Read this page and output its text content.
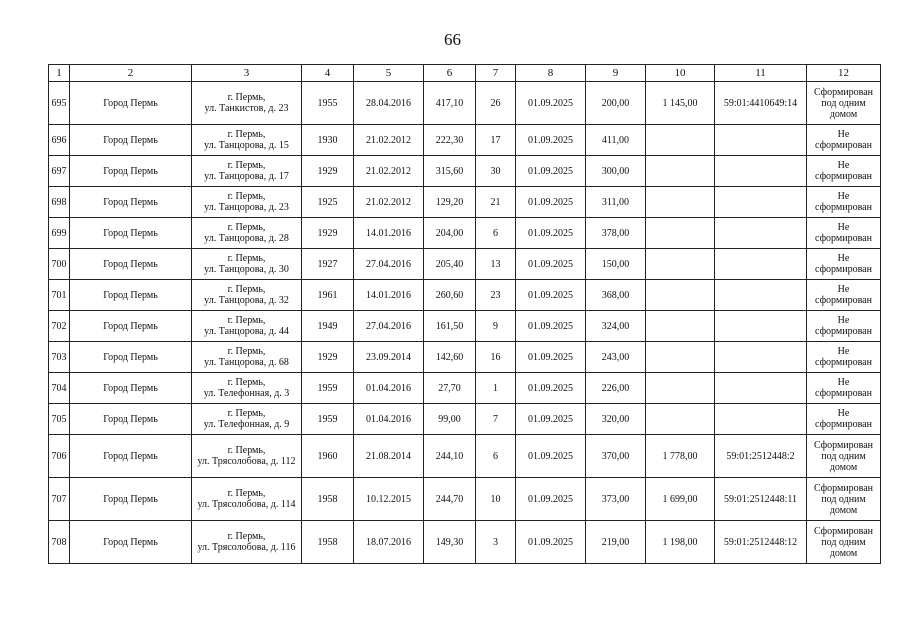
66
1	2	3	4	5	6	7	8	9	10	11	12
695	Город Пермь	г. Пермь,
ул. Танкистов, д. 23	1955	28.04.2016	417,10	26	01.09.2025	200,00	1 145,00	59:01:4410649:14	Сформирован
под одним
домом

696	Город Пермь	г. Пермь,
ул. Танцорова, д. 15	1930	21.02.2012	222,30	17	01.09.2025	411,00			Не
сформирован

697	Город Пермь	г. Пермь,
ул. Танцорова, д. 17	1929	21.02.2012	315,60	30	01.09.2025	300,00			Не
сформирован

698	Город Пермь	г. Пермь,
ул. Танцорова, д. 23	1925	21.02.2012	129,20	21	01.09.2025	311,00			Не
сформирован

699	Город Пермь	г. Пермь,
ул. Танцорова, д. 28	1929	14.01.2016	204,00	6	01.09.2025	378,00			Не
сформирован

700	Город Пермь	г. Пермь,
ул. Танцорова, д. 30	1927	27.04.2016	205,40	13	01.09.2025	150,00			Не
сформирован

701	Город Пермь	г. Пермь,
ул. Танцорова, д. 32	1961	14.01.2016	260,60	23	01.09.2025	368,00			Не
сформирован

702	Город Пермь	г. Пермь,
ул. Танцорова, д. 44	1949	27.04.2016	161,50	9	01.09.2025	324,00			Не
сформирован

703	Город Пермь	г. Пермь,
ул. Танцорова, д. 68	1929	23.09.2014	142,60	16	01.09.2025	243,00			Не
сформирован

704	Город Пермь	г. Пермь,
ул. Телефонная, д. 3	1959	01.04.2016	27,70	1	01.09.2025	226,00			Не
сформирован

705	Город Пермь	г. Пермь,
ул. Телефонная, д. 9	1959	01.04.2016	99,00	7	01.09.2025	320,00			Не
сформирован

706	Город Пермь	г. Пермь,
ул. Трясолобова, д. 112	1960	21.08.2014	244,10	6	01.09.2025	370,00	1 778,00	59:01:2512448:2	Сформирован
под одним
домом

707	Город Пермь	г. Пермь,
ул. Трясолобова, д. 114	1958	10.12.2015	244,70	10	01.09.2025	373,00	1 699,00	59:01:2512448:11	Сформирован
под одним
домом

708	Город Пермь	г. Пермь,
ул. Трясолобова, д. 116	1958	18.07.2016	149,30	3	01.09.2025	219,00	1 198,00	59:01:2512448:12	Сформирован
под одним
домом
